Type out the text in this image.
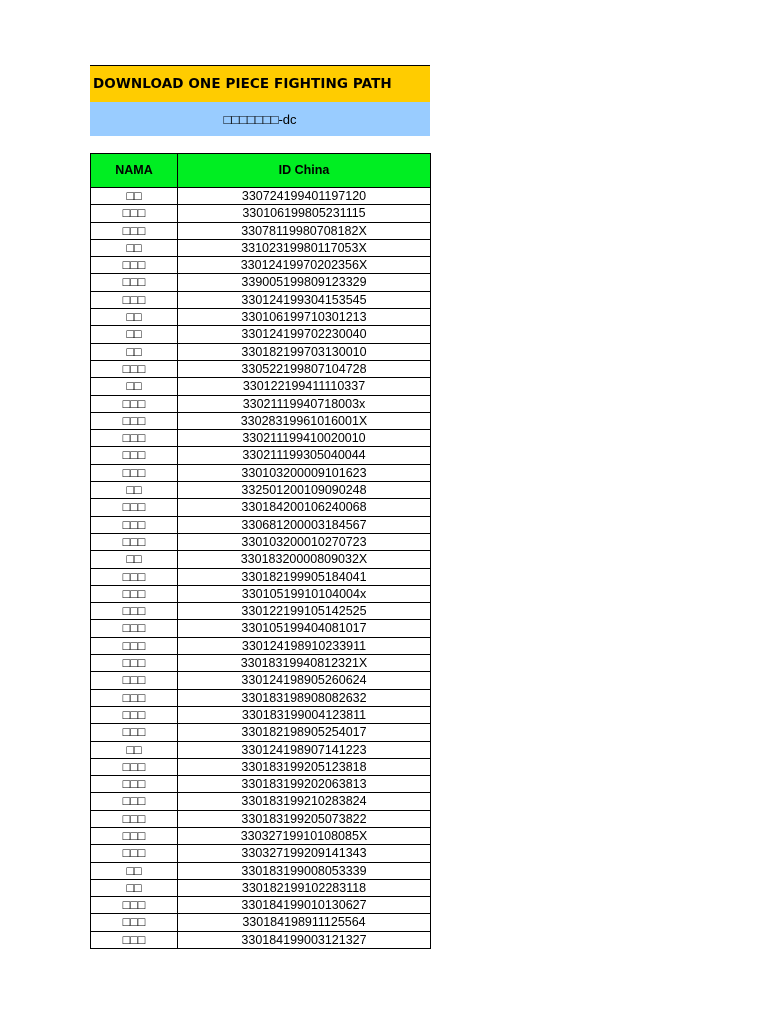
DOWNLOAD ONE PIECE FIGHTING PATH
□□□□□□□-dc
NAMA	ID China
□□	330724199401197120
□□□	330106199805231115
□□□	33078119980708182X
□□	33102319980117053X
□□□	33012419970202356X
□□□	339005199809123329
□□□	330124199304153545
□□	330106199710301213
□□	330124199702230040
□□	330182199703130010
□□□	330522199807104728
□□	330122199411110337
□□□	33021119940718003x
□□□	33028319961016001X
□□□	330211199410020010
□□□	330211199305040044
□□□	330103200009101623
□□	332501200109090248
□□□	330184200106240068
□□□	330681200003184567
□□□	330103200010270723
□□	33018320000809032X
□□□	330182199905184041
□□□	33010519910104004x
□□□	330122199105142525
□□□	330105199404081017
□□□	330124198910233911
□□□	33018319940812321X
□□□	330124198905260624
□□□	330183198908082632
□□□	330183199004123811
□□□	330182198905254017
□□	330124198907141223
□□□	330183199205123818
□□□	330183199202063813
□□□	330183199210283824
□□□	330183199205073822
□□□	33032719910108085X
□□□	330327199209141343
□□	330183199008053339
□□	330182199102283118
□□□	330184199010130627
□□□	330184198911125564
□□□	330184199003121327
